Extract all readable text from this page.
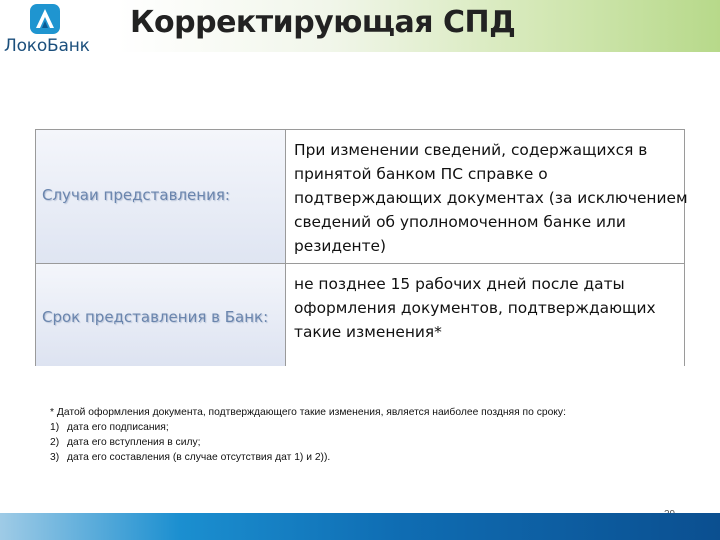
ЛокоБанк
Корректирующая СПД
Случаи представления:
При изменении сведений, содержащихся в принятой банком ПС справке о подтверждающих документах (за исключением сведений об уполномоченном банке или резиденте)
Срок представления в Банк:
не позднее 15 рабочих дней после даты оформления документов, подтверждающих такие изменения*
* Датой оформления документа, подтверждающего такие изменения, является наиболее поздняя по сроку:
1) дата его подписания;
2) дата его вступления в силу;
3) дата его составления (в случае отсутствия дат 1) и 2)).
